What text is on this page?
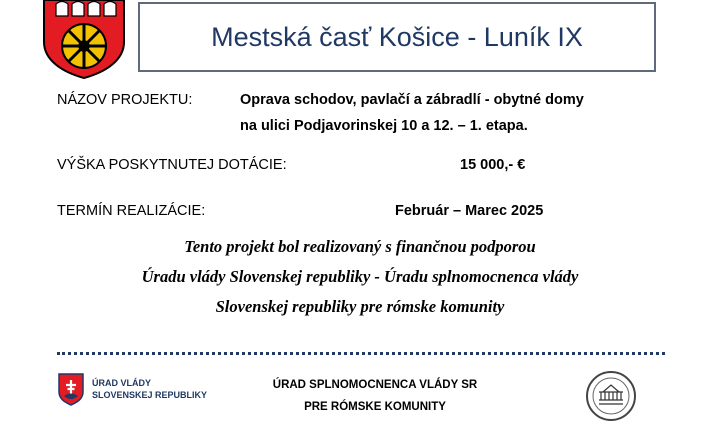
Mestská časť Košice - Luník IX
NÁZOV PROJEKTU:	Oprava schodov, pavlačí a zábradlí - obytné domy
na ulici Podjavorinskej 10 a 12. – 1. etapa.
VÝŠKA POSKYTNUTEJ DOTÁCIE:	15 000,- €
TERMÍN REALIZÁCIE:	Február – Marec 2025
Tento projekt bol realizovaný s finančnou podporou
Úradu vlády Slovenskej republiky - Úradu splnomocnenca vlády
Slovenskej republiky pre rómske komunity
ÚRAD VLÁDY
SLOVENSKEJ REPUBLIKY
ÚRAD SPLNOMOCNENCA VLÁDY SR
PRE RÓMSKE KOMUNITY
